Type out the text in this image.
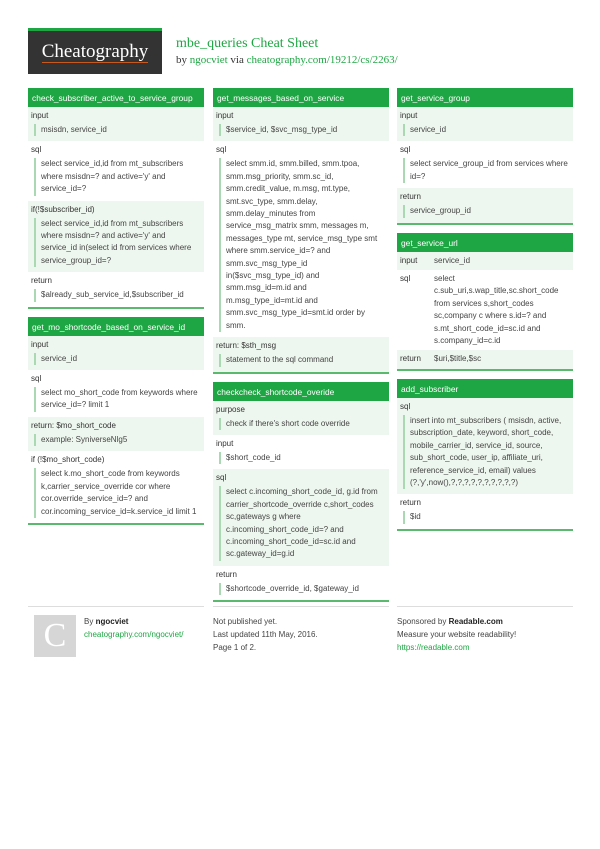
Cheatography mbe_queries Cheat Sheet
by ngocviet via cheatography.com/19212/cs/2263/
check_subscriber_active_to_service_group
input
msisdn, service_id
sql
select service_id,id from mt_subscribers where msisdn=? and active='y' and service_id=?
if(!$subscriber_id)
select service_id,id from mt_subscribers where msisdn=? and active='y' and service_id in(select id from services where service_group_id=?
return
$already_sub_service_id,$subscriber_id
get_mo_shortcode_based_on_service_id
input
service_id
sql
select mo_short_code from keywords where service_id=? limit 1
return: $mo_short_code
example: SyniverseNlg5
if (!$mo_short_code)
select k.mo_short_code from keywords k,carrier_service_override cor where cor.override_service_id=? and cor.incoming_service_id=k.service_id limit 1
get_messages_based_on_service
input
$service_id, $svc_msg_type_id
sql
select smm.id, smm.billed, smm.tpoa, smm.msg_priority, smm.sc_id, smm.credit_value, m.msg, mt.type, smt.svc_type, smm.delay, smm.delay_minutes from service_msg_matrix smm, messages m, messages_type mt, service_msg_type smt where smm.service_id=? and smm.svc_msg_type_id in($svc_msg_type_id) and smm.msg_id=m.id and m.msg_type_id=mt.id and smm.svc_msg_type_id=smt.id order by smm.
return: $sth_msg
statement to the sql command
checkcheck_shortcode_overide
purpose
check if there's short code override
input
$short_code_id
sql
select c.incoming_short_code_id, g.id from carrier_shortcode_override c,short_codes sc,gateways g where c.incoming_short_code_id=? and c.incoming_short_code_id=sc.id and sc.gateway_id=g.id
return
$shortcode_override_id, $gateway_id
get_service_group
input
service_id
sql
select service_group_id from services where id=?
return
service_group_id
get_service_url
input	service_id
sql	select c.sub_uri,s.wap_title,sc.short_code from services s,short_codes sc,company c where s.id=? and s.mt_short_code_id=sc.id and s.company_id=c.id
return	$uri,$title,$sc
add_subscriber
sql
insert into mt_subscribers ( msisdn, active, subscription_date, keyword, short_code, mobile_carrier_id, service_id, source, sub_short_code, user_ip, affiliate_uri, reference_service_id, email) values (?,'y',now(),?,?,?,?,?,?,?,?,?,?)
return
$id
C	By ngocviet
cheatography.com/ngocviet/
Not published yet.
Last updated 11th May, 2016.
Page 1 of 2.
Sponsored by Readable.com
Measure your website readability!
https://readable.com
